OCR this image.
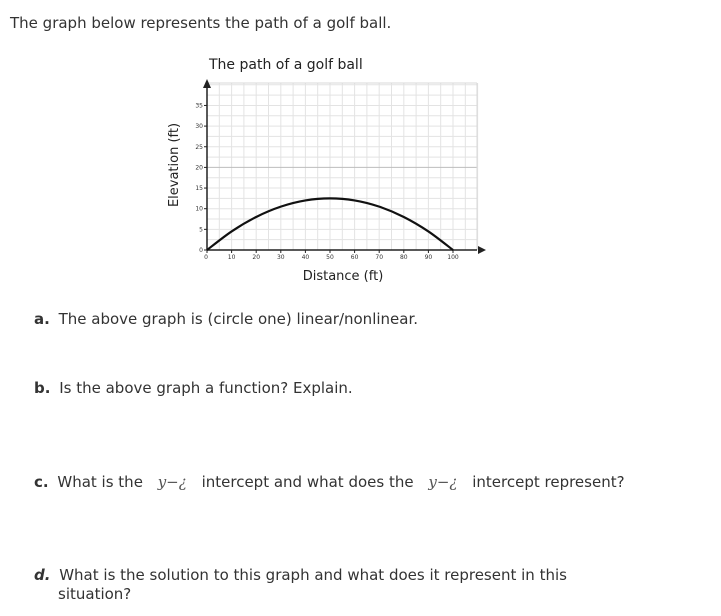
The graph below represents the path of a golf ball.
The path of a golf ball
0
5
10
15
20
25
30
35
0	10	20	30	40	50	60	70	80	90	100
Elevation (ft)
Distance (ft)
a. The above graph is (circle one) linear/nonlinear.
b. Is the above graph a function? Explain.
c. What is the y−¿ intercept and what does the y−¿ intercept represent?
d. What is the solution to this graph and what does it represent in this
situation?
